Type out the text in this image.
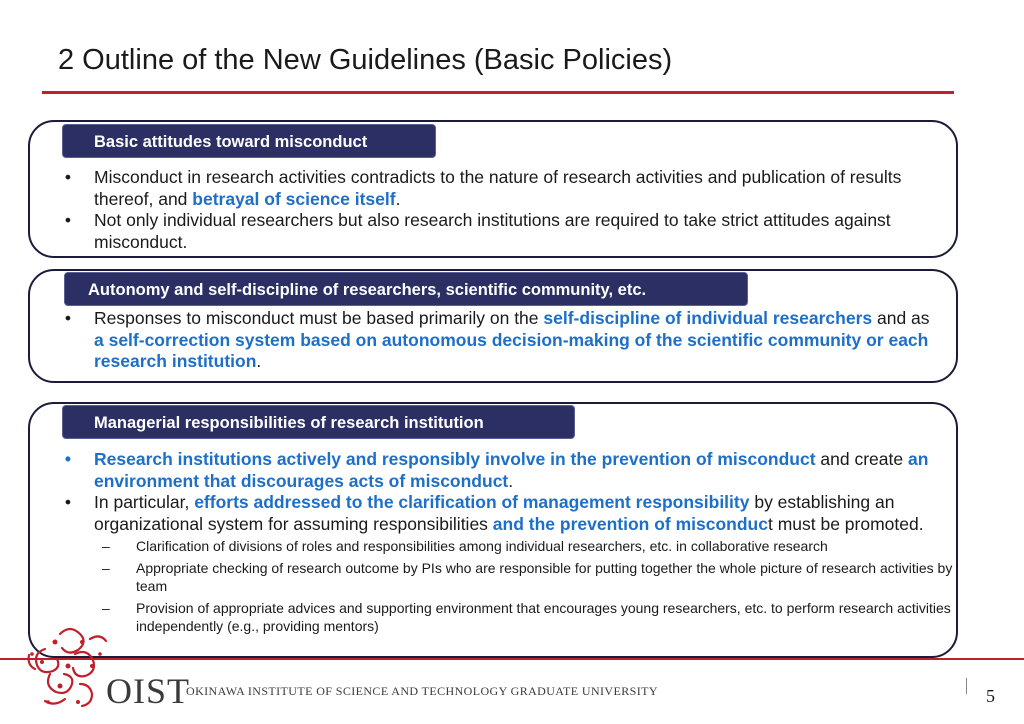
2 Outline of the New Guidelines (Basic Policies)
Basic attitudes toward misconduct
•	Misconduct in research activities contradicts to the nature of research activities and publication of results thereof, and betrayal of science itself.
•	Not only individual researchers but also research institutions are required to take strict attitudes against misconduct.
Autonomy and self-discipline of researchers, scientific community, etc.
•	Responses to misconduct must be based primarily on the self-discipline of individual researchers and as a self-correction system based on autonomous decision-making of the scientific community or each research institution.
Managerial responsibilities of research institution
•	Research institutions actively and responsibly involve in the prevention of misconduct and create an environment that discourages acts of misconduct.
•	In particular, efforts addressed to the clarification of management responsibility by establishing an organizational system for assuming responsibilities and the prevention of misconduct must be promoted.
– Clarification of divisions of roles and responsibilities among individual researchers, etc. in collaborative research
– Appropriate checking of research outcome by PIs who are responsible for putting together the whole picture of research activities by team
– Provision of appropriate advices and supporting environment that encourages young researchers, etc. to perform research activities independently (e.g., providing mentors)
OIST
OKINAWA INSTITUTE OF SCIENCE AND TECHNOLOGY GRADUATE UNIVERSITY	5
